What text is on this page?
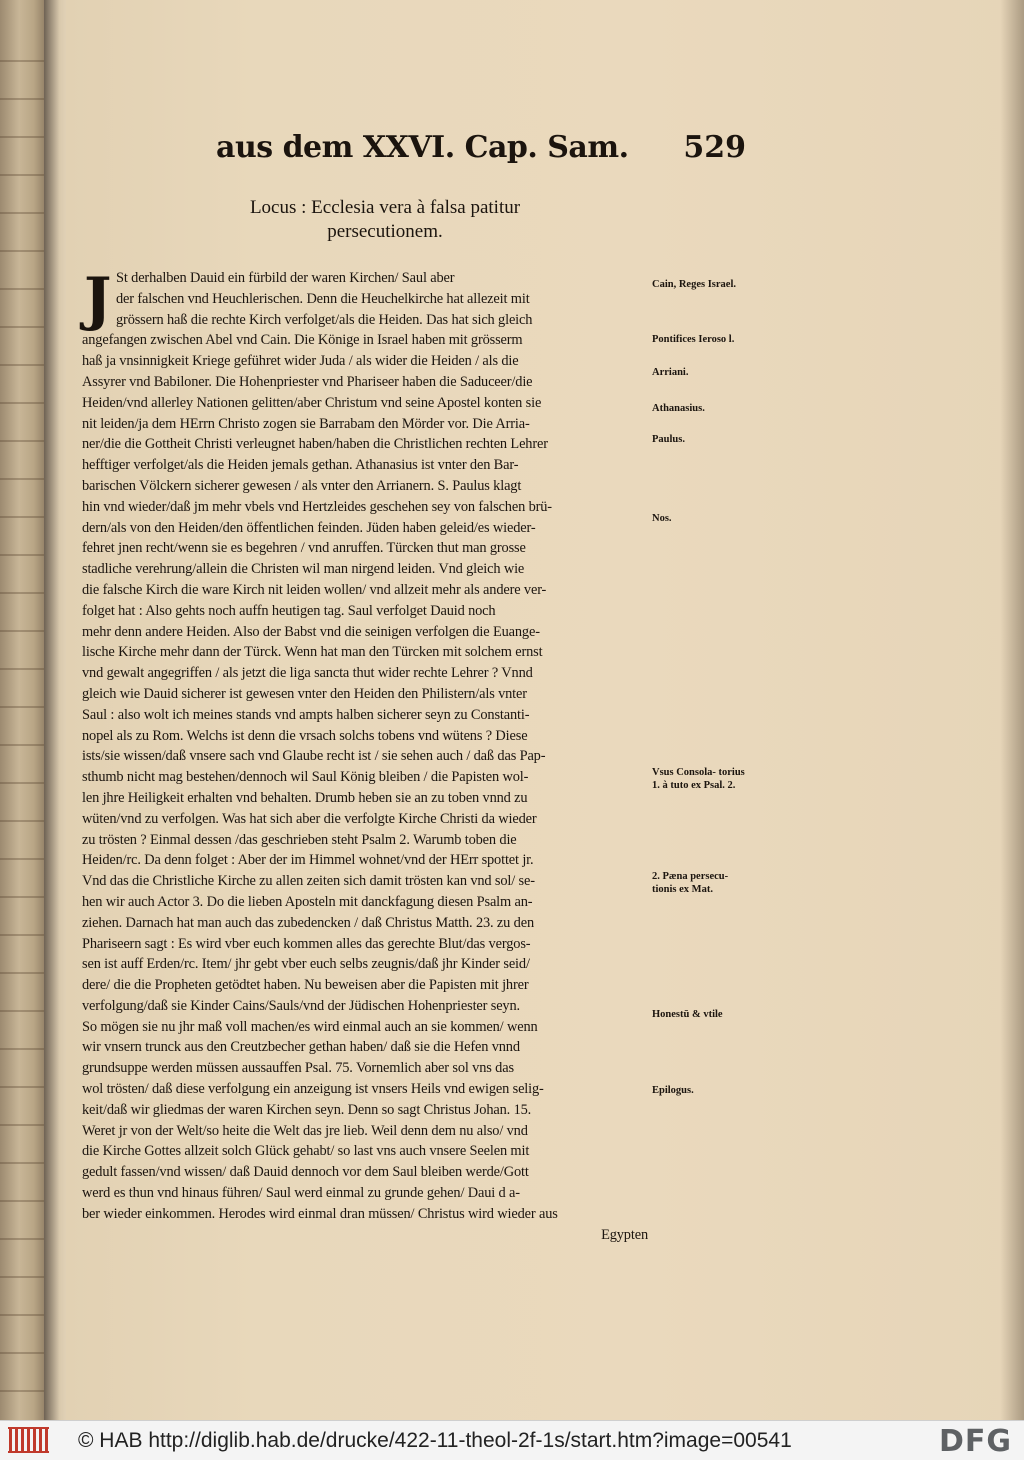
aus dem XXVI. Cap. Sam. 529
Locus : Ecclesia vera à falsa patitur
persecutionem.
J St derhalben Dauid ein fürbild der waren Kirchen/ Saul aber
der falschen vnd Heuchlerischen. Denn die Heuchelkirche hat allezeit mit
grössern haß die rechte Kirch verfolget/als die Heiden. Das hat sich gleich
angefangen zwischen Abel vnd Cain. Die Könige in Israel haben mit grösserm
haß ja vnsinnigkeit Kriege geführet wider Juda / als wider die Heiden / als die
Assyrer vnd Babiloner. Die Hohenpriester vnd Phariseer haben die Saduceer/die
Heiden/vnd allerley Nationen gelitten/aber Christum vnd seine Apostel konten sie
nit leiden/ja dem HErrn Christo zogen sie Barrabam den Mörder vor. Die Arria-
ner/die die Gottheit Christi verleugnet haben/haben die Christlichen rechten Lehrer
hefftiger verfolget/als die Heiden jemals gethan. Athanasius ist vnter den Bar-
barischen Völckern sicherer gewesen / als vnter den Arrianern. S. Paulus klagt
hin vnd wieder/daß jm mehr vbels vnd Hertzleides geschehen sey von falschen brü-
dern/als von den Heiden/den öffentlichen feinden. Jüden haben geleid/es wieder-
fehret jnen recht/wenn sie es begehren / vnd anruffen. Türcken thut man grosse
stadliche verehrung/allein die Christen wil man nirgend leiden. Vnd gleich wie
die falsche Kirch die ware Kirch nit leiden wollen/ vnd allzeit mehr als andere ver-
folget hat : Also gehts noch auffn heutigen tag. Saul verfolget Dauid noch
mehr denn andere Heiden. Also der Babst vnd die seinigen verfolgen die Euange-
lische Kirche mehr dann der Türck. Wenn hat man den Türcken mit solchem ernst
vnd gewalt angegriffen / als jetzt die liga sancta thut wider rechte Lehrer ? Vnnd
gleich wie Dauid sicherer ist gewesen vnter den Heiden den Philistern/als vnter
Saul : also wolt ich meines stands vnd ampts halben sicherer seyn zu Constanti-
nopel als zu Rom. Welchs ist denn die vrsach solchs tobens vnd wütens ? Diese
ists/sie wissen/daß vnsere sach vnd Glaube recht ist / sie sehen auch / daß das Pap-
sthumb nicht mag bestehen/dennoch wil Saul König bleiben / die Papisten wol-
len jhre Heiligkeit erhalten vnd behalten. Drumb heben sie an zu toben vnnd zu
wüten/vnd zu verfolgen. Was hat sich aber die verfolgte Kirche Christi da wieder
zu trösten ? Einmal dessen /das geschrieben steht Psalm 2. Warumb toben die
Heiden/rc. Da denn folget : Aber der im Himmel wohnet/vnd der HErr spottet jr.
Vnd das die Christliche Kirche zu allen zeiten sich damit trösten kan vnd sol/ se-
hen wir auch Actor 3. Do die lieben Aposteln mit danckfagung diesen Psalm an-
ziehen. Darnach hat man auch das zubedencken / daß Christus Matth. 23. zu den
Phariseern sagt : Es wird vber euch kommen alles das gerechte Blut/das vergos-
sen ist auff Erden/rc. Item/ jhr gebt vber euch selbs zeugnis/daß jhr Kinder seid/
dere/ die die Propheten getödtet haben. Nu beweisen aber die Papisten mit jhrer
verfolgung/daß sie Kinder Cains/Sauls/vnd der Jüdischen Hohenpriester seyn.
So mögen sie nu jhr maß voll machen/es wird einmal auch an sie kommen/ wenn
wir vnsern trunck aus den Creutzbecher gethan haben/ daß sie die Hefen vnnd
grundsuppe werden müssen aussauffen Psal. 75. Vornemlich aber sol vns das
wol trösten/ daß diese verfolgung ein anzeigung ist vnsers Heils vnd ewigen selig-
keit/daß wir gliedmas der waren Kirchen seyn. Denn so sagt Christus Johan. 15.
Weret jr von der Welt/so heite die Welt das jre lieb. Weil denn dem nu also/ vnd
die Kirche Gottes allzeit solch Glück gehabt/ so last vns auch vnsere Seelen mit
gedult fassen/vnd wissen/ daß Dauid dennoch vor dem Saul bleiben werde/Gott
werd es thun vnd hinaus führen/ Saul werd einmal zu grunde gehen/ Daui d a-
ber wieder einkommen. Herodes wird einmal dran müssen/ Christus wird wieder aus
Egypten
Cain, Reges Israel.
Pontifices Ieroso l.
Arriani.
Athanasius.
Paulus.
Nos.
Vsus Consola- torius 1. à tuto ex Psal. 2.
2. Pæna persecu- tionis ex Mat.
Honestū & vtile
Epilogus.
© HAB http://diglib.hab.de/drucke/422-11-theol-2f-1s/start.htm?image=00541	DFG
